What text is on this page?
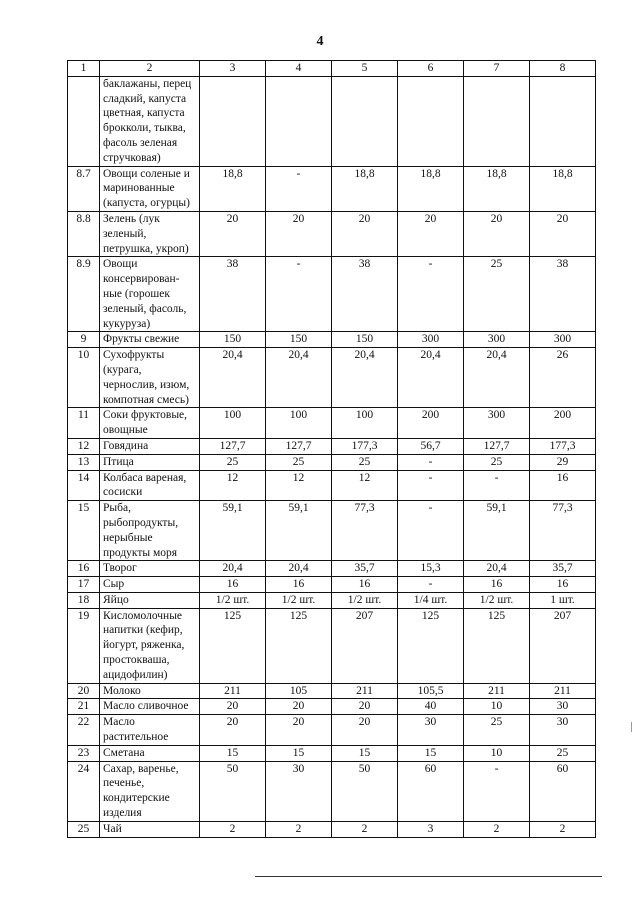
4
1	2	3	4	5	6	7	8
	баклажаны, перец сладкий, капуста цветная, капуста брокколи, тыква, фасоль зеленая стручковая)						
8.7	Овощи соленые и маринованные (капуста, огурцы)	18,8	-	18,8	18,8	18,8	18,8
8.8	Зелень (лук зеленый, петрушка, укроп)	20	20	20	20	20	20
8.9	Овощи консервирован-ные (горошек зеленый, фасоль, кукуруза)	38	-	38	-	25	38
9	Фрукты свежие	150	150	150	300	300	300
10	Сухофрукты (курага, чернослив, изюм, компотная смесь)	20,4	20,4	20,4	20,4	20,4	26
11	Соки фруктовые, овощные	100	100	100	200	300	200
12	Говядина	127,7	127,7	177,3	56,7	127,7	177,3
13	Птица	25	25	25	-	25	29
14	Колбаса вареная, сосиски	12	12	12	-	-	16
15	Рыба, рыбопродукты, нерыбные продукты моря	59,1	59,1	77,3	-	59,1	77,3
16	Творог	20,4	20,4	35,7	15,3	20,4	35,7
17	Сыр	16	16	16	-	16	16
18	Яйцо	1/2 шт.	1/2 шт.	1/2 шт.	1/4 шт.	1/2 шт.	1 шт.
19	Кисломолочные напитки (кефир, йогурт, ряженка, простокваша, ацидофилин)	125	125	207	125	125	207
20	Молоко	211	105	211	105,5	211	211
21	Масло сливочное	20	20	20	40	10	30
22	Масло растительное	20	20	20	30	25	30
23	Сметана	15	15	15	15	10	25
24	Сахар, варенье, печенье, кондитерские изделия	50	30	50	60	-	60
25	Чай	2	2	2	3	2	2
